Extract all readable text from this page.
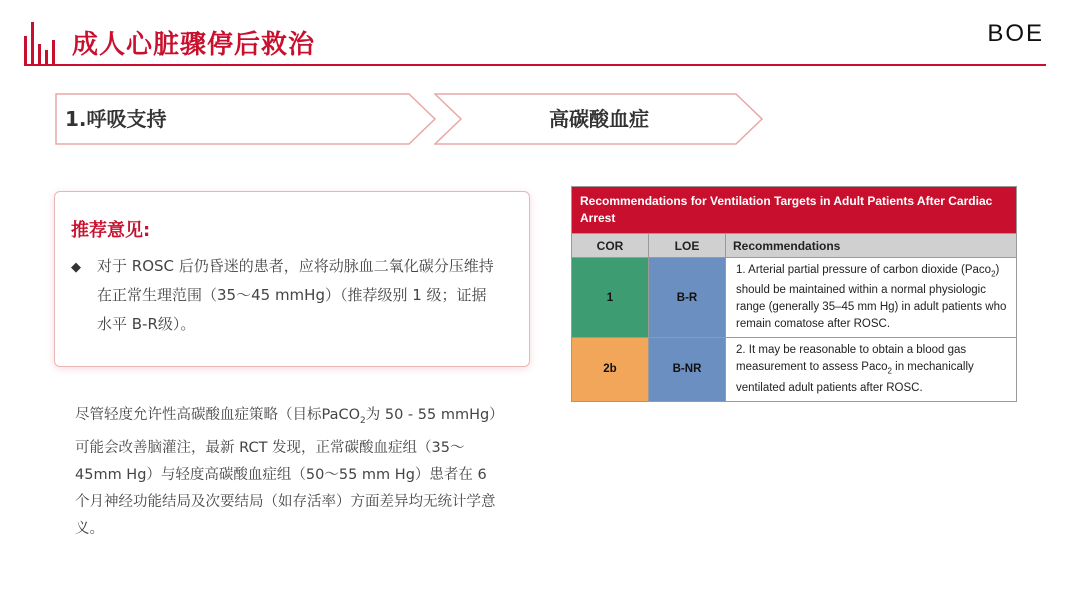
成人心脏骤停后救治	BOE
1.呼吸支持	高碳酸血症
推荐意见:
◆ 对于 ROSC 后仍昏迷的患者，应将动脉血二氧化碳分压维持在正常生理范围（35～45 mmHg）（推荐级别 1 级；证据水平 B-R级）。
尽管轻度允许性高碳酸血症策略（目标PaCO$_2$为 50 - 55 mmHg）可能会改善脑灌注，最新 RCT 发现，正常碳酸血症组（35～45mm Hg）与轻度高碳酸血症组（50～55 mm Hg）患者在 6 个月神经功能结局及次要结局（如存活率）方面差异均无统计学意义。
Recommendations for Ventilation Targets in Adult Patients After Cardiac Arrest		
COR	LOE	Recommendations
1	B-R	1. Arterial partial pressure of carbon dioxide (Paco$_2$) should be maintained within a normal physiologic range (generally 35–45 mm Hg) in adult patients who remain comatose after ROSC.
2b	B-NR	2. It may be reasonable to obtain a blood gas measurement to assess Paco$_2$ in mechanically ventilated adult patients after ROSC.
